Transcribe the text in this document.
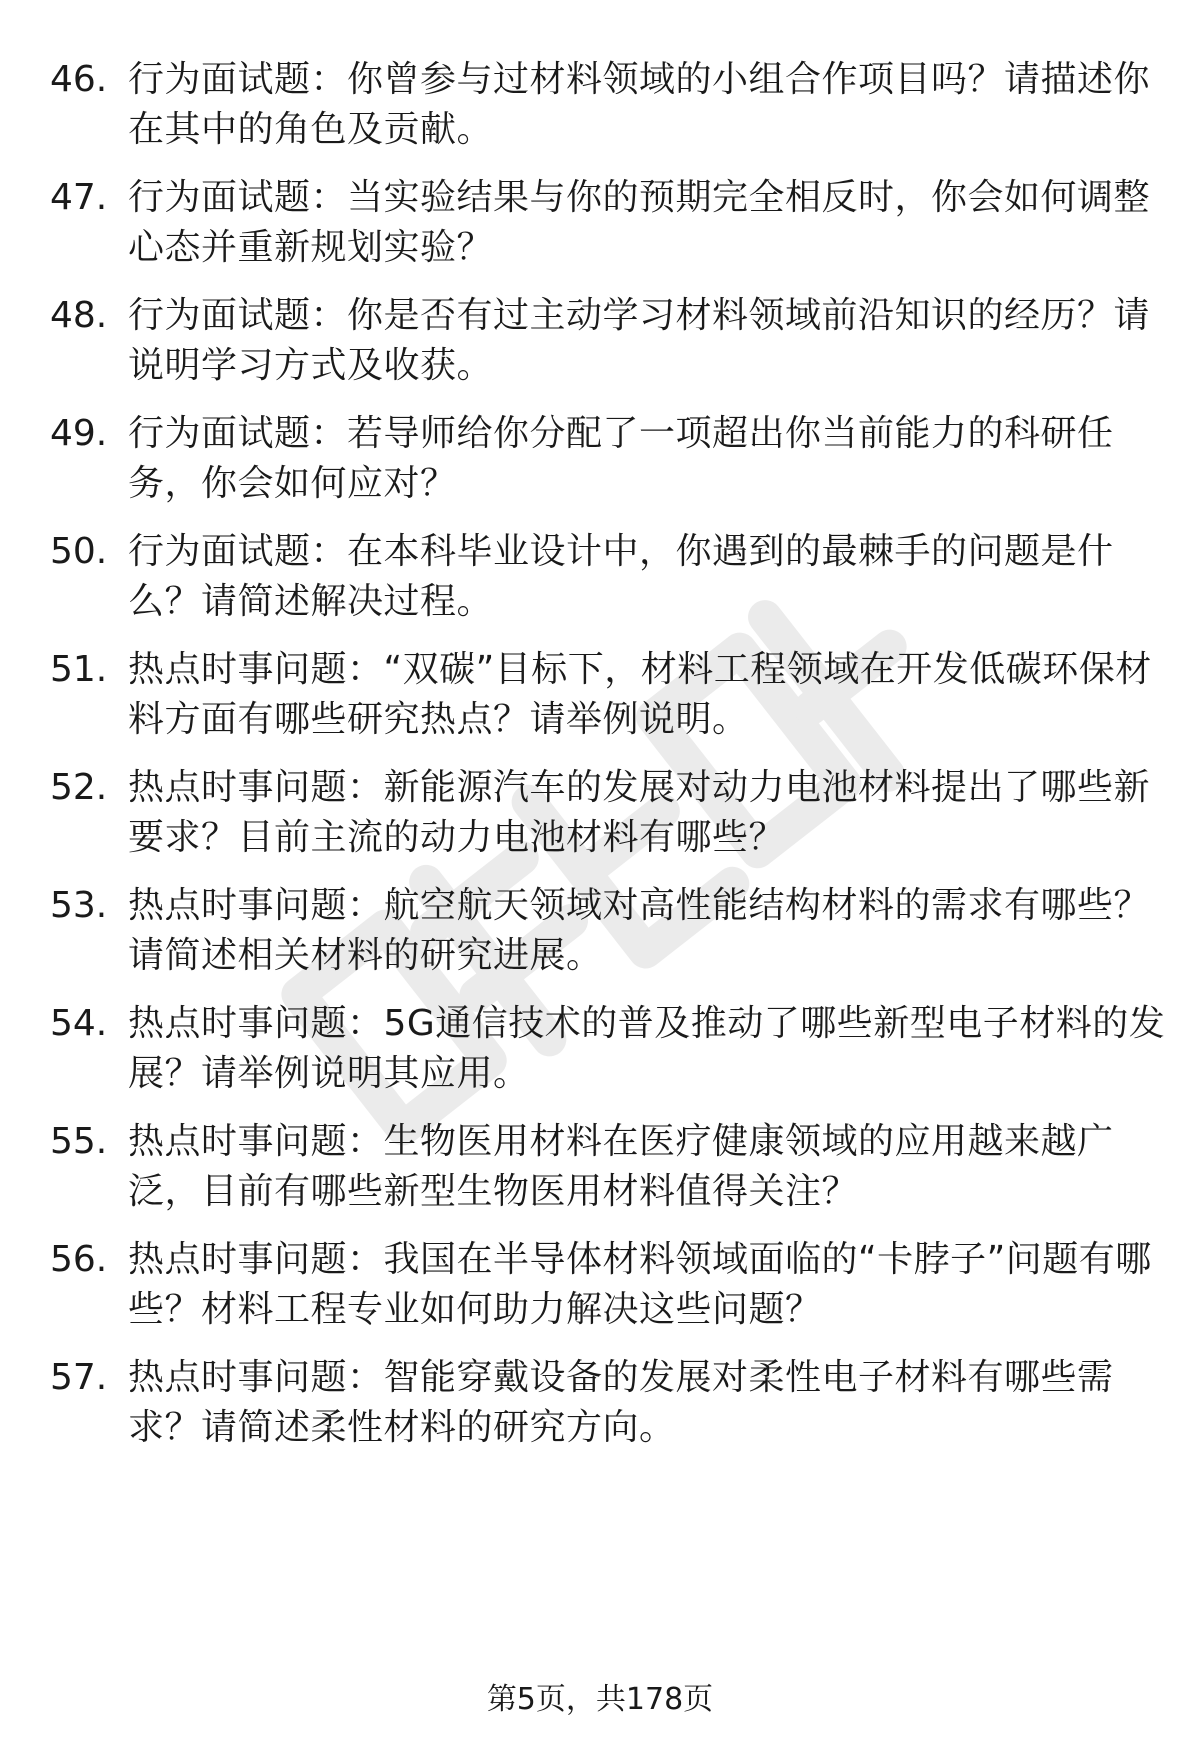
46. 行为面试题：你曾参与过材料领域的小组合作项目吗？请描述你在其中的角色及贡献。
47. 行为面试题：当实验结果与你的预期完全相反时，你会如何调整心态并重新规划实验？
48. 行为面试题：你是否有过主动学习材料领域前沿知识的经历？请说明学习方式及收获。
49. 行为面试题：若导师给你分配了一项超出你当前能力的科研任务，你会如何应对？
50. 行为面试题：在本科毕业设计中，你遇到的最棘手的问题是什么？请简述解决过程。
51. 热点时事问题：“双碳”目标下，材料工程领域在开发低碳环保材料方面有哪些研究热点？请举例说明。
52. 热点时事问题：新能源汽车的发展对动力电池材料提出了哪些新要求？目前主流的动力电池材料有哪些？
53. 热点时事问题：航空航天领域对高性能结构材料的需求有哪些？请简述相关材料的研究进展。
54. 热点时事问题：5G通信技术的普及推动了哪些新型电子材料的发展？请举例说明其应用。
55. 热点时事问题：生物医用材料在医疗健康领域的应用越来越广泛，目前有哪些新型生物医用材料值得关注？
56. 热点时事问题：我国在半导体材料领域面临的“卡脖子”问题有哪些？材料工程专业如何助力解决这些问题？
57. 热点时事问题：智能穿戴设备的发展对柔性电子材料有哪些需求？请简述柔性材料的研究方向。
第5页，共178页
